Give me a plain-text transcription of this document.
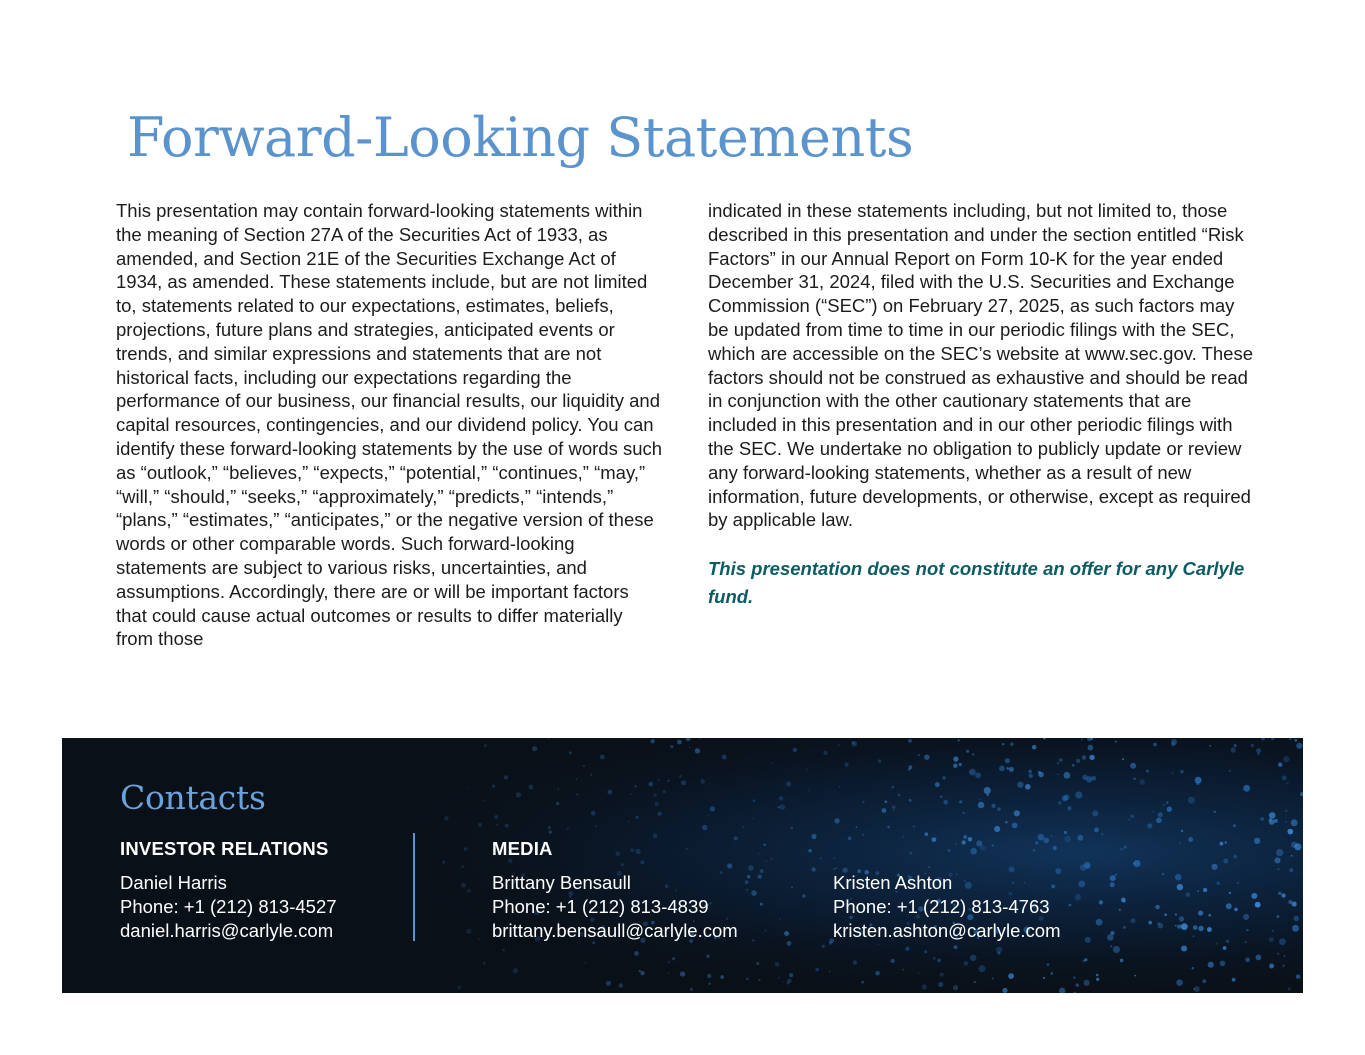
Forward-Looking Statements

This presentation may contain forward-looking statements within the meaning of Section 27A of the Securities Act of 1933, as amended, and Section 21E of the Securities Exchange Act of 1934, as amended. These statements include, but are not limited to, statements related to our expectations, estimates, beliefs, projections, future plans and strategies, anticipated events or trends, and similar expressions and statements that are not historical facts, including our expectations regarding the performance of our business, our financial results, our liquidity and capital resources, contingencies, and our dividend policy. You can identify these forward-looking statements by the use of words such as “outlook,” “believes,” “expects,” “potential,” “continues,” “may,” “will,” “should,” “seeks,” “approximately,” “predicts,” “intends,” “plans,” “estimates,” “anticipates,” or the negative version of these words or other comparable words. Such forward-looking statements are subject to various risks, uncertainties, and assumptions. Accordingly, there are or will be important factors that could cause actual outcomes or results to differ materially from those

indicated in these statements including, but not limited to, those described in this presentation and under the section entitled “Risk Factors” in our Annual Report on Form 10-K for the year ended December 31, 2024, filed with the U.S. Securities and Exchange Commission (“SEC”) on February 27, 2025, as such factors may be updated from time to time in our periodic filings with the SEC, which are accessible on the SEC’s website at www.sec.gov. These factors should not be construed as exhaustive and should be read in conjunction with the other cautionary statements that are included in this presentation and in our other periodic filings with the SEC. We undertake no obligation to publicly update or review any forward-looking statements, whether as a result of new information, future developments, or otherwise, except as required by applicable law.

This presentation does not constitute an offer for any Carlyle fund.

Contacts
INVESTOR RELATIONS
Daniel Harris
Phone: +1 (212) 813-4527
daniel.harris@carlyle.com
MEDIA
Brittany Bensaull
Phone: +1 (212) 813-4839
brittany.bensaull@carlyle.com
Kristen Ashton
Phone: +1 (212) 813-4763
kristen.ashton@carlyle.com
